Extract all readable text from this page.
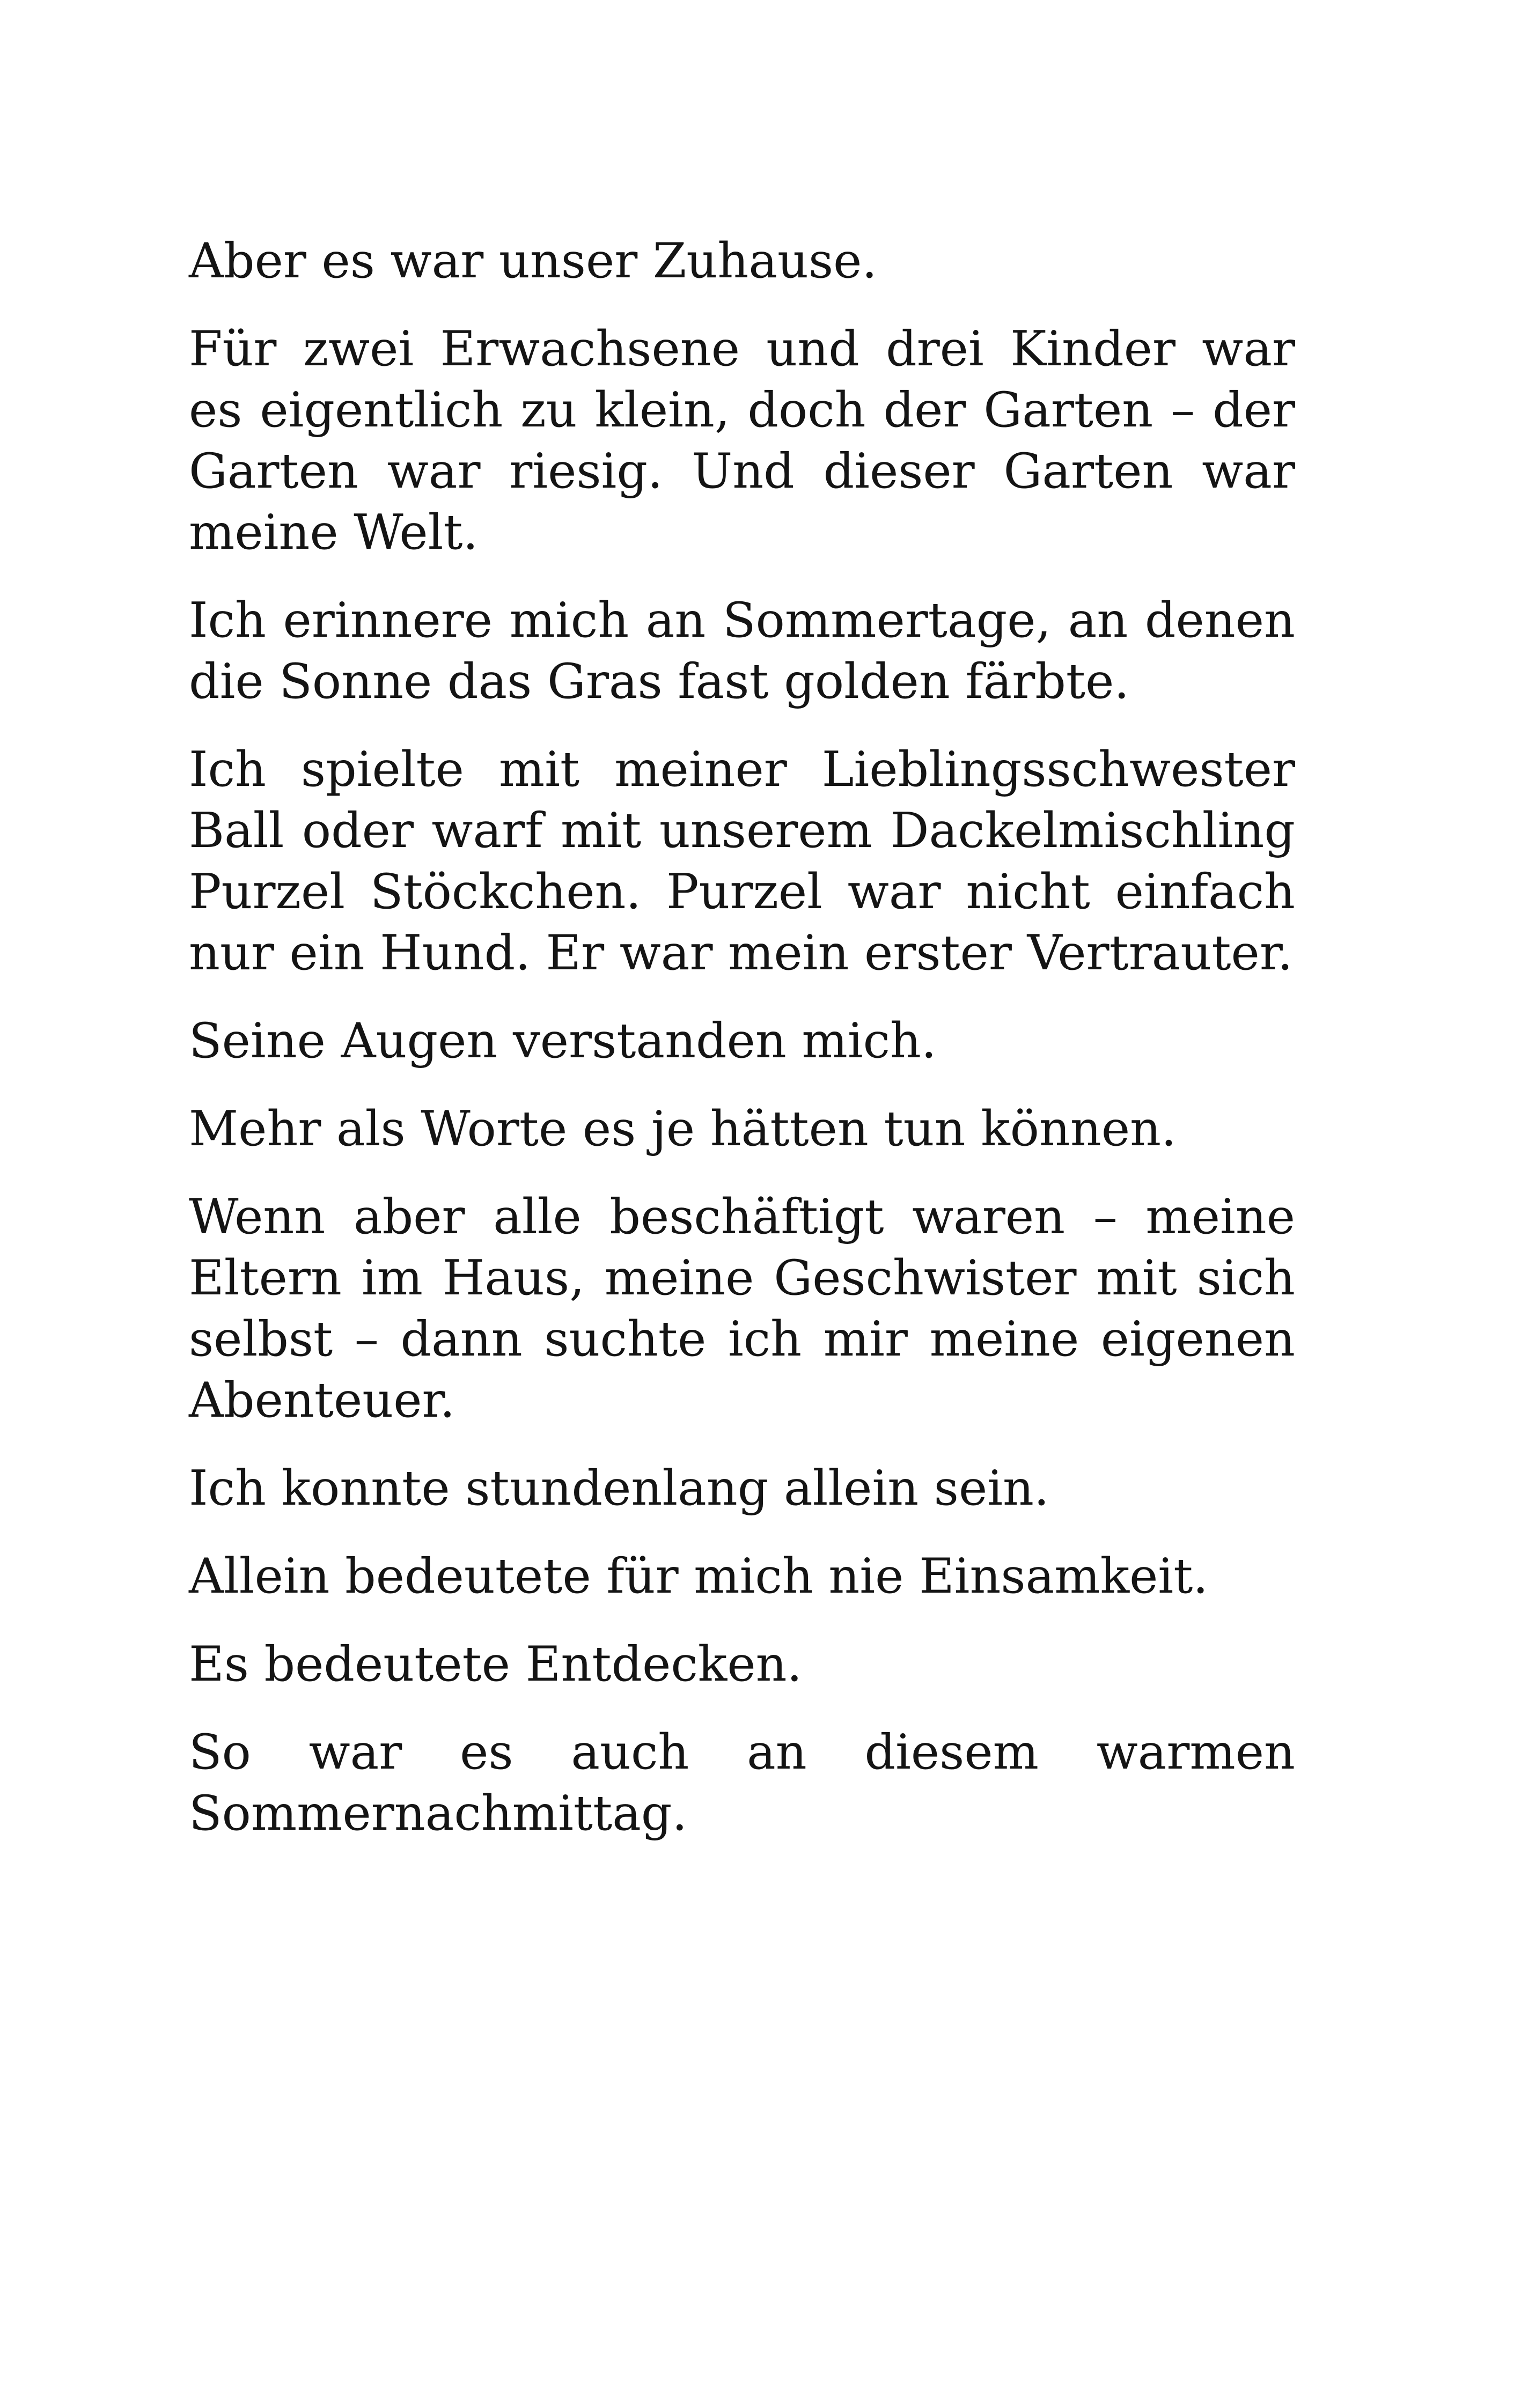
Aber es war unser Zuhause.

Für zwei Erwachsene und drei Kinder war es eigentlich zu klein, doch der Garten – der Garten war riesig. Und dieser Garten war meine Welt.

Ich erinnere mich an Sommertage, an denen die Sonne das Gras fast golden färbte.

Ich spielte mit meiner Lieblingsschwester Ball oder warf mit unserem Dackelmischling Purzel Stöckchen. Purzel war nicht einfach nur ein Hund. Er war mein erster Vertrauter.

Seine Augen verstanden mich.

Mehr als Worte es je hätten tun können.

Wenn aber alle beschäftigt waren – meine Eltern im Haus, meine Geschwister mit sich selbst – dann suchte ich mir meine eigenen Abenteuer.

Ich konnte stundenlang allein sein.

Allein bedeutete für mich nie Einsamkeit.

Es bedeutete Entdecken.

So war es auch an diesem warmen Sommernachmittag.
